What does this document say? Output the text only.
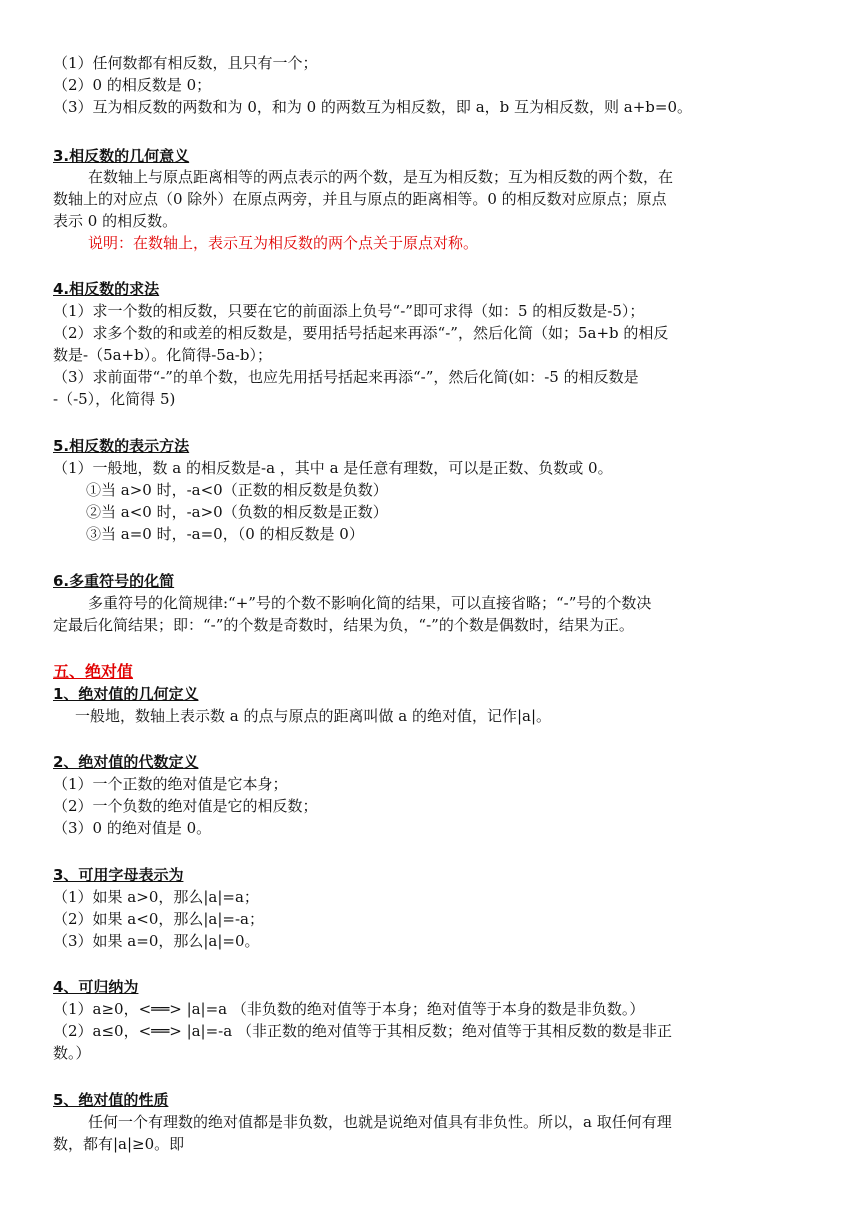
（1）任何数都有相反数，且只有一个；
（2）0 的相反数是 0；
（3）互为相反数的两数和为 0，和为 0 的两数互为相反数，即 a，b 互为相反数，则 a+b=0。
3.相反数的几何意义
在数轴上与原点距离相等的两点表示的两个数，是互为相反数；互为相反数的两个数，在
数轴上的对应点（0 除外）在原点两旁，并且与原点的距离相等。0 的相反数对应原点；原点
表示 0 的相反数。
说明：在数轴上，表示互为相反数的两个点关于原点对称。
4.相反数的求法
（1）求一个数的相反数，只要在它的前面添上负号“-”即可求得（如：5 的相反数是-5）；
（2）求多个数的和或差的相反数是，要用括号括起来再添“-”，然后化简（如；5a+b 的相反
数是-（5a+b）。化简得-5a-b）；
（3）求前面带“-”的单个数，也应先用括号括起来再添“-”，然后化简(如：-5 的相反数是
-（-5），化简得 5)
5.相反数的表示方法
（1）一般地，数 a 的相反数是-a ，其中 a 是任意有理数，可以是正数、负数或 0。
①当 a>0 时，-a<0（正数的相反数是负数）
②当 a<0 时，-a>0（负数的相反数是正数）
③当 a=0 时，-a=0，（0 的相反数是 0）
6.多重符号的化简
多重符号的化简规律:“+”号的个数不影响化简的结果，可以直接省略；“-”号的个数决
定最后化简结果；即：“-”的个数是奇数时，结果为负，“-”的个数是偶数时，结果为正。
五、绝对值
1、绝对值的几何定义
一般地，数轴上表示数 a 的点与原点的距离叫做 a 的绝对值，记作|a|。
2、绝对值的代数定义
（1）一个正数的绝对值是它本身；
（2）一个负数的绝对值是它的相反数；
（3）0 的绝对值是 0。
3、可用字母表示为
（1）如果 a>0，那么|a|=a；
（2）如果 a<0，那么|a|=-a；
（3）如果 a=0，那么|a|=0。
4、可归纳为
（1）a≥0，<══> |a|=a （非负数的绝对值等于本身；绝对值等于本身的数是非负数。）
（2）a≤0，<══> |a|=-a （非正数的绝对值等于其相反数；绝对值等于其相反数的数是非正
数。）
5、绝对值的性质
任何一个有理数的绝对值都是非负数，也就是说绝对值具有非负性。所以，a 取任何有理
数，都有|a|≥0。即
